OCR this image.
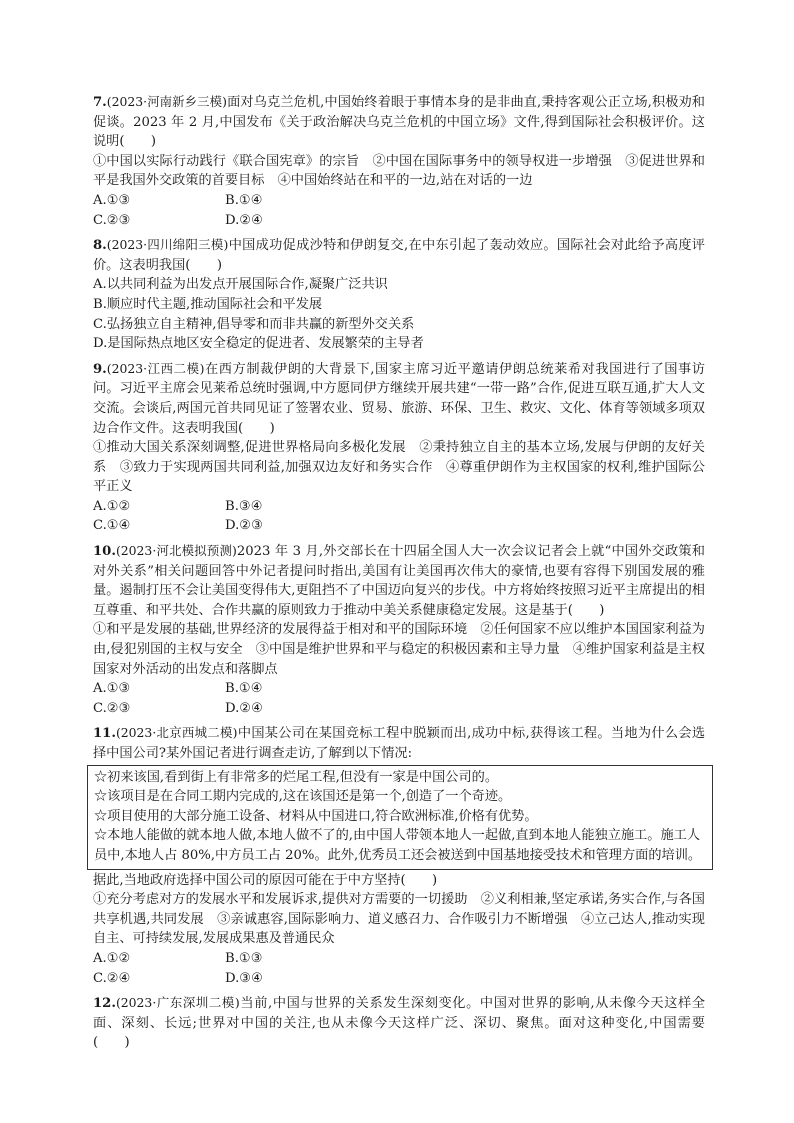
7.(2023·河南新乡三模)面对乌克兰危机,中国始终着眼于事情本身的是非曲直,秉持客观公正立场,积极劝和促谈。2023 年 2 月,中国发布《关于政治解决乌克兰危机的中国立场》文件,得到国际社会积极评价。这说明(　　)

①中国以实际行动践行《联合国宪章》的宗旨　②中国在国际事务中的领导权进一步增强　③促进世界和平是我国外交政策的首要目标　④中国始终站在和平的一边,站在对话的一边

A.①③	B.①④
C.②③	D.②④

8.(2023·四川绵阳三模)中国成功促成沙特和伊朗复交,在中东引起了轰动效应。国际社会对此给予高度评价。这表明我国(　　)

A.以共同利益为出发点开展国际合作,凝聚广泛共识
B.顺应时代主题,推动国际社会和平发展
C.弘扬独立自主精神,倡导零和而非共赢的新型外交关系
D.是国际热点地区安全稳定的促进者、发展繁荣的主导者

9.(2023·江西二模)在西方制裁伊朗的大背景下,国家主席习近平邀请伊朗总统莱希对我国进行了国事访问。习近平主席会见莱希总统时强调,中方愿同伊方继续开展共建“一带一路”合作,促进互联互通,扩大人文交流。会谈后,两国元首共同见证了签署农业、贸易、旅游、环保、卫生、救灾、文化、体育等领域多项双边合作文件。这表明我国(　　)

①推动大国关系深刻调整,促进世界格局向多极化发展　②秉持独立自主的基本立场,发展与伊朗的友好关系　③致力于实现两国共同利益,加强双边友好和务实合作　④尊重伊朗作为主权国家的权利,维护国际公平正义

A.①②	B.③④
C.①④	D.②③

10.(2023·河北模拟预测)2023 年 3 月,外交部长在十四届全国人大一次会议记者会上就“中国外交政策和对外关系”相关问题回答中外记者提问时指出,美国有让美国再次伟大的豪情,也要有容得下别国发展的雅量。遏制打压不会让美国变得伟大,更阻挡不了中国迈向复兴的步伐。中方将始终按照习近平主席提出的相互尊重、和平共处、合作共赢的原则致力于推动中美关系健康稳定发展。这是基于(　　)

①和平是发展的基础,世界经济的发展得益于相对和平的国际环境　②任何国家不应以维护本国国家利益为由,侵犯别国的主权与安全　③中国是维护世界和平与稳定的积极因素和主导力量　④维护国家利益是主权国家对外活动的出发点和落脚点

A.①③	B.①④
C.②③	D.②④

11.(2023·北京西城二模)中国某公司在某国竞标工程中脱颖而出,成功中标,获得该工程。当地为什么会选择中国公司?某外国记者进行调查走访,了解到以下情况:

☆初来该国,看到街上有非常多的烂尾工程,但没有一家是中国公司的。

☆该项目是在合同工期内完成的,这在该国还是第一个,创造了一个奇迹。

☆项目使用的大部分施工设备、材料从中国进口,符合欧洲标准,价格有优势。

☆本地人能做的就本地人做,本地人做不了的,由中国人带领本地人一起做,直到本地人能独立施工。施工人员中,本地人占 80%,中方员工占 20%。此外,优秀员工还会被送到中国基地接受技术和管理方面的培训。

据此,当地政府选择中国公司的原因可能在于中方坚持(　　)

①充分考虑对方的发展水平和发展诉求,提供对方需要的一切援助　②义利相兼,坚定承诺,务实合作,与各国共享机遇,共同发展　③亲诚惠容,国际影响力、道义感召力、合作吸引力不断增强　④立己达人,推动实现自主、可持续发展,发展成果惠及普通民众

A.①②	B.①③
C.②④	D.③④

12.(2023·广东深圳二模)当前,中国与世界的关系发生深刻变化。中国对世界的影响,从未像今天这样全面、深刻、长远;世界对中国的关注,也从未像今天这样广泛、深切、聚焦。面对这种变化,中国需要　　　　(　　)
